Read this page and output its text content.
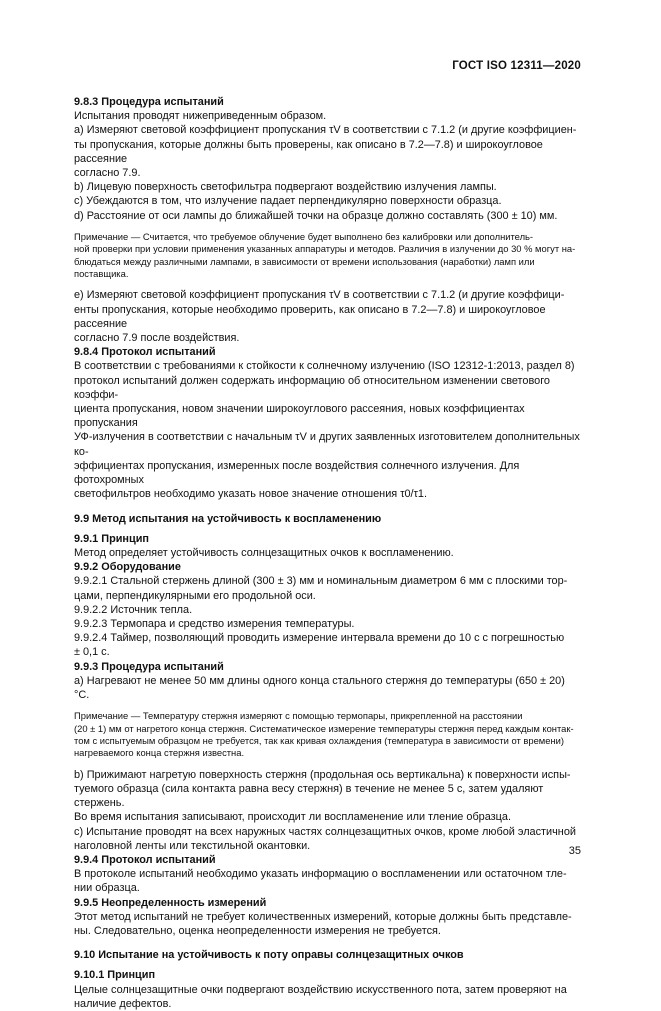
ГОСТ ISO 12311—2020

9.8.3 Процедура испытаний

Испытания проводят нижеприведенным образом.

а) Измеряют световой коэффициент пропускания τV в соответствии с 7.1.2 (и другие коэффициен-

ты пропускания, которые должны быть проверены, как описано в 7.2—7.8) и широкоугловое рассеяние

согласно 7.9.

b) Лицевую поверхность светофильтра подвергают воздействию излучения лампы.

c) Убеждаются в том, что излучение падает перпендикулярно поверхности образца.

d) Расстояние от оси лампы до ближайшей точки на образце должно составлять (300 ± 10) мм.

Примечание — Считается, что требуемое облучение будет выполнено без калибровки или дополнитель-

ной проверки при условии применения указанных аппаратуры и методов. Различия в излучении до 30 % могут на-

блюдаться между различными лампами, в зависимости от времени использования (наработки) ламп или поставщика.

e) Измеряют световой коэффициент пропускания τV в соответствии с 7.1.2 (и другие коэффици-

енты пропускания, которые необходимо проверить, как описано в 7.2—7.8) и широкоугловое рассеяние

согласно 7.9 после воздействия.

9.8.4 Протокол испытаний

В соответствии с требованиями к стойкости к солнечному излучению (ISO 12312-1:2013, раздел 8)

протокол испытаний должен содержать информацию об относительном изменении светового коэффи-

циента пропускания, новом значении широкоуглового рассеяния, новых коэффициентах пропускания

УФ-излучения в соответствии с начальным τV и других заявленных изготовителем дополнительных ко-

эффициентах пропускания, измеренных после воздействия солнечного излучения. Для фотохромных

светофильтров необходимо указать новое значение отношения τ0/τ1.

9.9 Метод испытания на устойчивость к воспламенению

9.9.1 Принцип

Метод определяет устойчивость солнцезащитных очков к воспламенению.

9.9.2 Оборудование

9.9.2.1 Стальной стержень длиной (300 ± 3) мм и номинальным диаметром 6 мм с плоскими тор-

цами, перпендикулярными его продольной оси.

9.9.2.2 Источник тепла.

9.9.2.3 Термопара и средство измерения температуры.

9.9.2.4 Таймер, позволяющий проводить измерение интервала времени до 10 с с погрешностью

± 0,1 с.

9.9.3 Процедура испытаний

а) Нагревают не менее 50 мм длины одного конца стального стержня до температуры (650 ± 20) °С.

Примечание — Температуру стержня измеряют с помощью термопары, прикрепленной на расстоянии

(20 ± 1) мм от нагретого конца стержня. Систематическое измерение температуры стержня перед каждым контак-

том с испытуемым образцом не требуется, так как кривая охлаждения (температура в зависимости от времени)

нагреваемого конца стержня известна.

b) Прижимают нагретую поверхность стержня (продольная ось вертикальна) к поверхности испы-

туемого образца (сила контакта равна весу стержня) в течение не менее 5 с, затем удаляют стержень.

Во время испытания записывают, происходит ли воспламенение или тление образца.

c) Испытание проводят на всех наружных частях солнцезащитных очков, кроме любой эластичной

наголовной ленты или текстильной окантовки.

9.9.4 Протокол испытаний

В протоколе испытаний необходимо указать информацию о воспламенении или остаточном тле-

нии образца.

9.9.5 Неопределенность измерений

Этот метод испытаний не требует количественных измерений, которые должны быть представле-

ны. Следовательно, оценка неопределенности измерения не требуется.

9.10 Испытание на устойчивость к поту оправы солнцезащитных очков

9.10.1 Принцип

Целые солнцезащитные очки подвергают воздействию искусственного пота, затем проверяют на

наличие дефектов.

35
